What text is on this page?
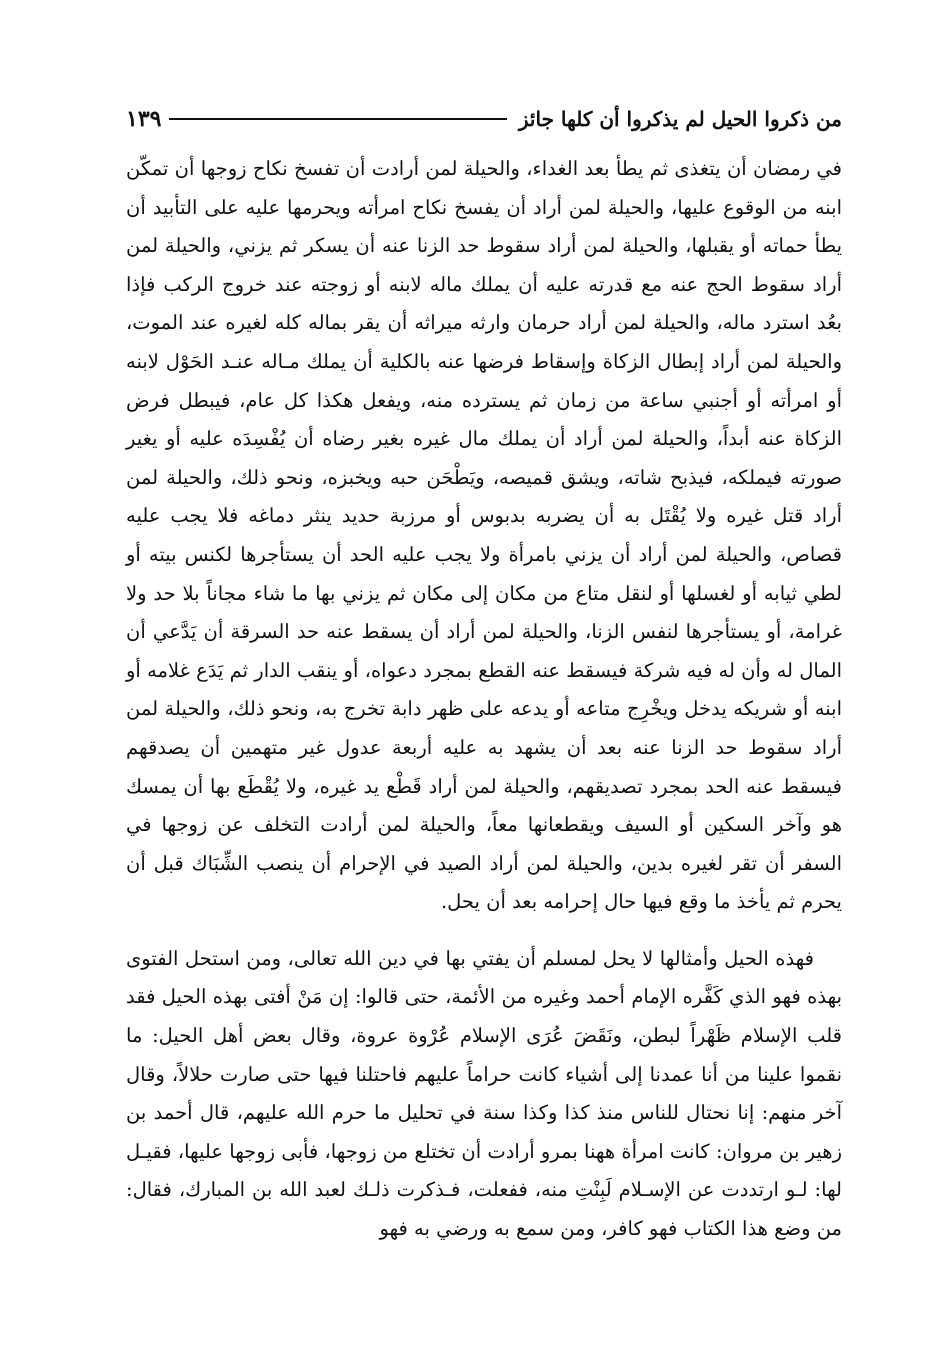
من ذكروا الحيل لم يذكروا أن كلها جائز
١٣٩

في رمضان أن يتغذى ثم يطأ بعد الغداء، والحيلة لمن أرادت أن تفسخ نكاح زوجها أن تمكّن ابنه من الوقوع عليها، والحيلة لمن أراد أن يفسخ نكاح امرأته ويحرمها عليه على التأبيد أن يطأ حماته أو يقبلها، والحيلة لمن أراد سقوط حد الزنا عنه أن يسكر ثم يزني، والحيلة لمن أراد سقوط الحج عنه مع قدرته عليه أن يملك ماله لابنه أو زوجته عند خروج الركب فإذا بعُد استرد ماله، والحيلة لمن أراد حرمان وارثه ميراثه أن يقر بماله كله لغيره عند الموت، والحيلة لمن أراد إبطال الزكاة وإسقاط فرضها عنه بالكلية أن يملك مـاله عنـد الحَوْل لابنه أو امرأته أو أجنبي ساعة من زمان ثم يسترده منه، ويفعل هكذا كل عام، فيبطل فرض الزكاة عنه أبداً، والحيلة لمن أراد أن يملك مال غيره بغير رضاه أن يُفْسِدَه عليه أو يغير صورته فيملكه، فيذبح شاته، ويشق قميصه، ويَطْحَن حبه ويخبزه، ونحو ذلك، والحيلة لمن أراد قتل غيره ولا يُقْتَل به أن يضربه بدبوس أو مرزبة حديد ينثر دماغه فلا يجب عليه قصاص، والحيلة لمن أراد أن يزني بامرأة ولا يجب عليه الحد أن يستأجرها لكنس بيته أو لطي ثيابه أو لغسلها أو لنقل متاع من مكان إلى مكان ثم يزني بها ما شاء مجاناً بلا حد ولا غرامة، أو يستأجرها لنفس الزنا، والحيلة لمن أراد أن يسقط عنه حد السرقة أن يَدَّعي أن المال له وأن له فيه شركة فيسقط عنه القطع بمجرد دعواه، أو ينقب الدار ثم يَدَع غلامه أو ابنه أو شريكه يدخل ويخْرِج متاعه أو يدعه على ظهر دابة تخرج به، ونحو ذلك، والحيلة لمن أراد سقوط حد الزنا عنه بعد أن يشهد به عليه أربعة عدول غير متهمين أن يصدقهم فيسقط عنه الحد بمجرد تصديقهم، والحيلة لمن أراد قَطْع يد غيره، ولا يُقْطَع بها أن يمسك هو وآخر السكين أو السيف ويقطعانها معاً، والحيلة لمن أرادت التخلف عن زوجها في السفر أن تقر لغيره بدين، والحيلة لمن أراد الصيد في الإحرام أن ينصب الشِّبَاك قبل أن يحرم ثم يأخذ ما وقع فيها حال إحرامه بعد أن يحل.

فهذه الحيل وأمثالها لا يحل لمسلم أن يفتي بها في دين الله تعالى، ومن استحل الفتوى بهذه فهو الذي كَفَّره الإمام أحمد وغيره من الأئمة، حتى قالوا: إن مَنْ أفتى بهذه الحيل فقد قلب الإسلام ظَهْراً لبطن، ونَقَضَ عُرَى الإسلام عُرْوة عروة، وقال بعض أهل الحيل: ما نقموا علينا من أنا عمدنا إلى أشياء كانت حراماً عليهم فاحتلنا فيها حتى صارت حلالاً، وقال آخر منهم: إنا نحتال للناس منذ كذا وكذا سنة في تحليل ما حرم الله عليهم، قال أحمد بن زهير بن مروان: كانت امرأة ههنا بمرو أرادت أن تختلع من زوجها، فأبى زوجها عليها، فقيـل لها: لـو ارتددت عن الإسـلام لَبِنْتِ منه، ففعلت، فـذكرت ذلـك لعبد الله بن المبارك، فقال: من وضع هذا الكتاب فهو كافر، ومن سمع به ورضي به فهو
